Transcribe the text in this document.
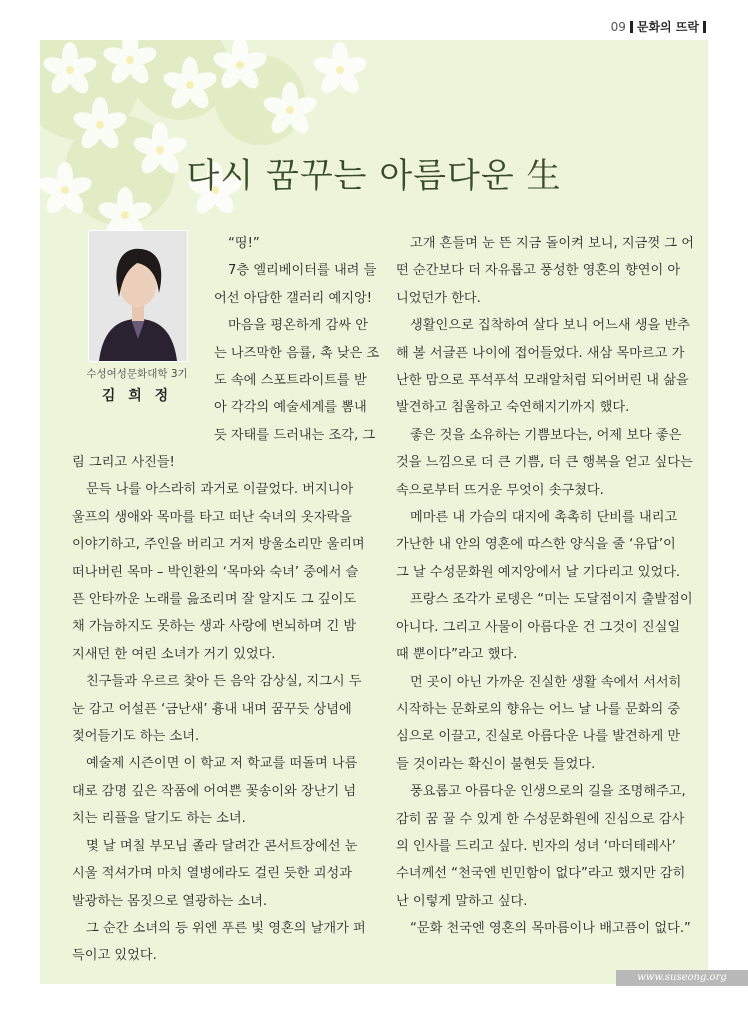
09 문화의 뜨락
다시 꿈꾸는 아름다운 生
수성여성문화대학 3기
김 희 정
“띵!”
7층 엘리베이터를 내려 들
어선 아담한 갤러리 예지앙!
마음을 평온하게 감싸 안
는 나즈막한 음률, 촉 낮은 조
도 속에 스포트라이트를 받
아 각각의 예술세계를 뽐내
듯 자태를 드러내는 조각, 그
림 그리고 사진들!
문득 나를 아스라히 과거로 이끌었다. 버지니아
울프의 생애와 목마를 타고 떠난 숙녀의 옷자락을
이야기하고, 주인을 버리고 거저 방울소리만 울리며
떠나버린 목마 – 박인환의 ‘목마와 숙녀’ 중에서 슬
픈 안타까운 노래를 읊조리며 잘 알지도 그 깊이도
채 가늠하지도 못하는 생과 사랑에 번뇌하며 긴 밤
지새던 한 여린 소녀가 거기 있었다.
친구들과 우르르 찾아 든 음악 감상실, 지그시 두
눈 감고 어설픈 ‘금난새’ 흉내 내며 꿈꾸듯 상념에
젖어들기도 하는 소녀.
예술제 시즌이면 이 학교 저 학교를 떠돌며 나름
대로 감명 깊은 작품에 어여쁜 꽃송이와 장난기 넘
치는 리플을 달기도 하는 소녀.
몇 날 며칠 부모님 졸라 달려간 콘서트장에선 눈
시울 적셔가며 마치 열병에라도 걸린 듯한 괴성과
발광하는 몸짓으로 열광하는 소녀.
그 순간 소녀의 등 위엔 푸른 빛 영혼의 날개가 퍼
득이고 있었다.
고개 흔들며 눈 뜬 지금 돌이켜 보니, 지금껏 그 어
떤 순간보다 더 자유롭고 풍성한 영혼의 향연이 아
니었던가 한다.
생활인으로 집착하여 살다 보니 어느새 생을 반추
해 볼 서글픈 나이에 접어들었다. 새삼 목마르고 가
난한 맘으로 푸석푸석 모래알처럼 되어버린 내 삶을
발견하고 침울하고 숙연해지기까지 했다.
좋은 것을 소유하는 기쁨보다는, 어제 보다 좋은
것을 느낌으로 더 큰 기쁨, 더 큰 행복을 얻고 싶다는
속으로부터 뜨거운 무엇이 솟구쳤다.
메마른 내 가슴의 대지에 촉촉히 단비를 내리고
가난한 내 안의 영혼에 따스한 양식을 줄 ‘유답’이
그 날 수성문화원 예지앙에서 날 기다리고 있었다.
프랑스 조각가 로뎅은 “미는 도달점이지 출발점이
아니다. 그리고 사물이 아름다운 건 그것이 진실일
때 뿐이다”라고 했다.
먼 곳이 아닌 가까운 진실한 생활 속에서 서서히
시작하는 문화로의 향유는 어느 날 나를 문화의 중
심으로 이끌고, 진실로 아름다운 나를 발견하게 만
들 것이라는 확신이 불현듯 들었다.
풍요롭고 아름다운 인생으로의 길을 조명해주고,
감히 꿈 꿀 수 있게 한 수성문화원에 진심으로 감사
의 인사를 드리고 싶다. 빈자의 성녀 ‘마더테레사’
수녀께선 “천국엔 빈민함이 없다”라고 했지만 감히
난 이렇게 말하고 싶다.
“문화 천국엔 영혼의 목마름이나 배고픔이 없다.”
www.suseong.org
